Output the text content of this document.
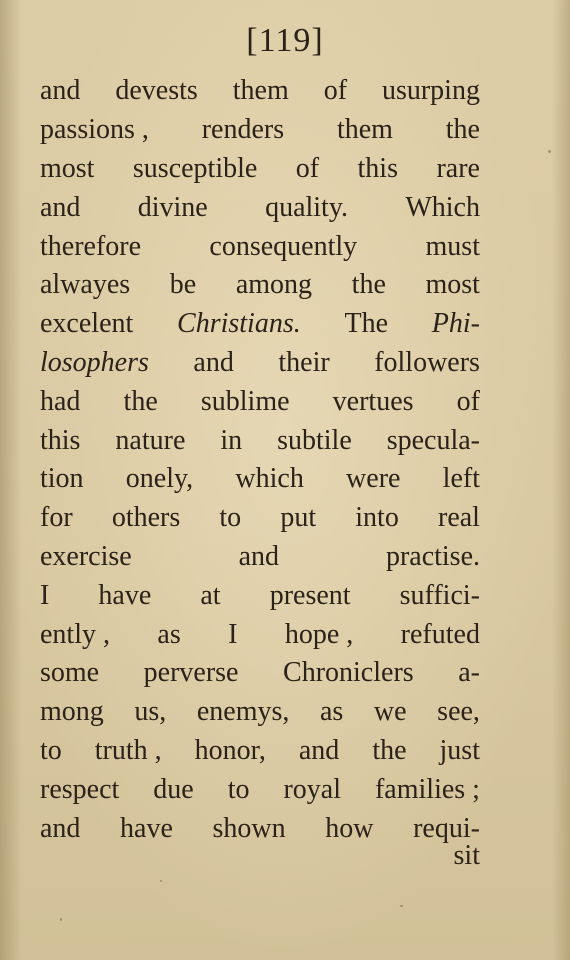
[119]
and devests them of usurping
passions , renders them the
most susceptible of this rare
and divine quality. Which
therefore consequently must
alwayes be among the most
excelent Christians. The Phi-
losophers and their followers
had the sublime vertues of
this nature in subtile specula-
tion onely, which were left
for others to put into real
exercise	and	practise.
I have at present suffici-
ently , as I hope , refuted
some perverse Chroniclers a-
mong us, enemys, as we see,
to truth , honor, and the just
respect due to royal families ;
and have shown how requi-
sit
